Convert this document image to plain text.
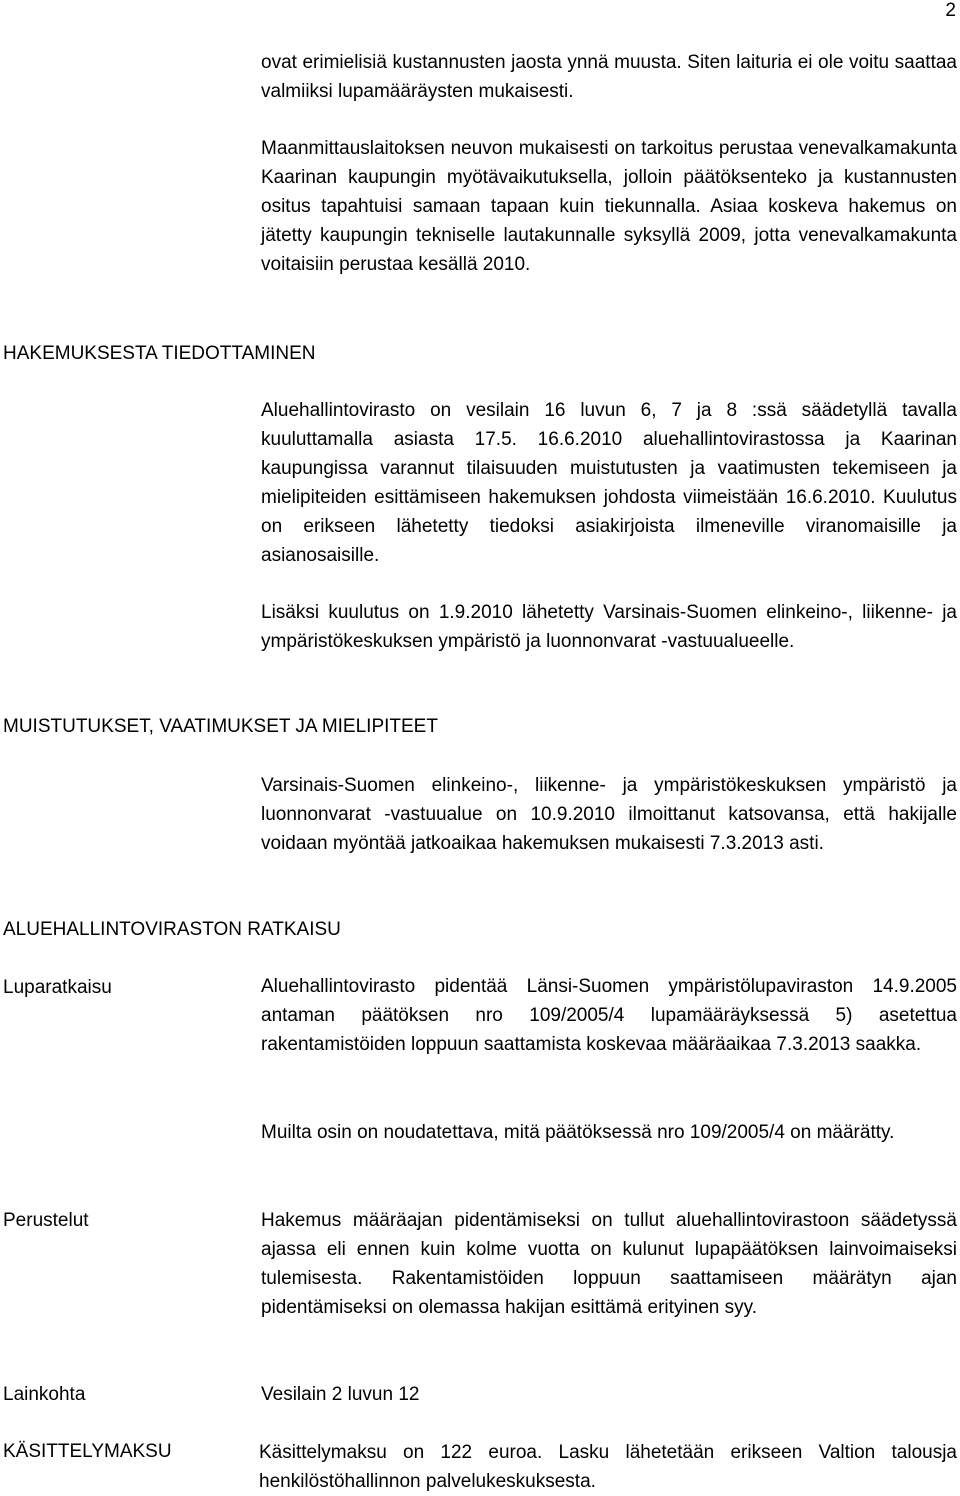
2

ovat erimielisiä kustannusten jaosta ynnä muusta. Siten laituria ei ole voitu saattaa valmiiksi lupamääräysten mukaisesti.

Maanmittauslaitoksen neuvon mukaisesti on tarkoitus perustaa venevalkamakunta Kaarinan kaupungin myötävaikutuksella, jolloin päätöksenteko ja kustannusten ositus tapahtuisi samaan tapaan kuin tiekunnalla. Asiaa koskeva hakemus on jätetty kaupungin tekniselle lautakunnalle syksyllä 2009, jotta venevalkamakunta voitaisiin perustaa kesällä 2010.

HAKEMUKSESTA TIEDOTTAMINEN

Aluehallintovirasto on vesilain 16 luvun 6, 7 ja 8 :ssä säädetyllä tavalla kuuluttamalla asiasta 17.5. 16.6.2010 aluehallintovirastossa ja Kaarinan kaupungissa varannut tilaisuuden muistutusten ja vaatimusten tekemiseen ja mielipiteiden esittämiseen hakemuksen johdosta viimeistään 16.6.2010. Kuulutus on erikseen lähetetty tiedoksi asiakirjoista ilmeneville viranomaisille ja asianosaisille.

Lisäksi kuulutus on 1.9.2010 lähetetty Varsinais-Suomen elinkeino-, liikenne- ja ympäristökeskuksen ympäristö ja luonnonvarat -vastuualueelle.

MUISTUTUKSET, VAATIMUKSET JA MIELIPITEET

Varsinais-Suomen elinkeino-, liikenne- ja ympäristökeskuksen ympäristö ja luonnonvarat -vastuualue on 10.9.2010 ilmoittanut katsovansa, että hakijalle voidaan myöntää jatkoaikaa hakemuksen mukaisesti 7.3.2013 asti.

ALUEHALLINTOVIRASTON RATKAISU
Luparatkaisu	Aluehallintovirasto pidentää Länsi-Suomen ympäristölupaviraston 14.9.2005 antaman päätöksen nro 109/2005/4 lupamääräyksessä 5) asetettua rakentamistöiden loppuun saattamista koskevaa määräaikaa 7.3.2013 saakka.

Muilta osin on noudatettava, mitä päätöksessä nro 109/2005/4 on määrätty.

Perustelut	Hakemus määräajan pidentämiseksi on tullut aluehallintovirastoon säädetyssä ajassa eli ennen kuin kolme vuotta on kulunut lupapäätöksen lainvoimaiseksi tulemisesta. Rakentamistöiden loppuun saattamiseen määrätyn ajan pidentämiseksi on olemassa hakijan esittämä erityinen syy.

Lainkohta	Vesilain 2 luvun 12

KÄSITTELYMAKSU	Käsittelymaksu on 122 euroa. Lasku lähetetään erikseen Valtion talousja henkilöstöhallinnon palvelukeskuksesta.
